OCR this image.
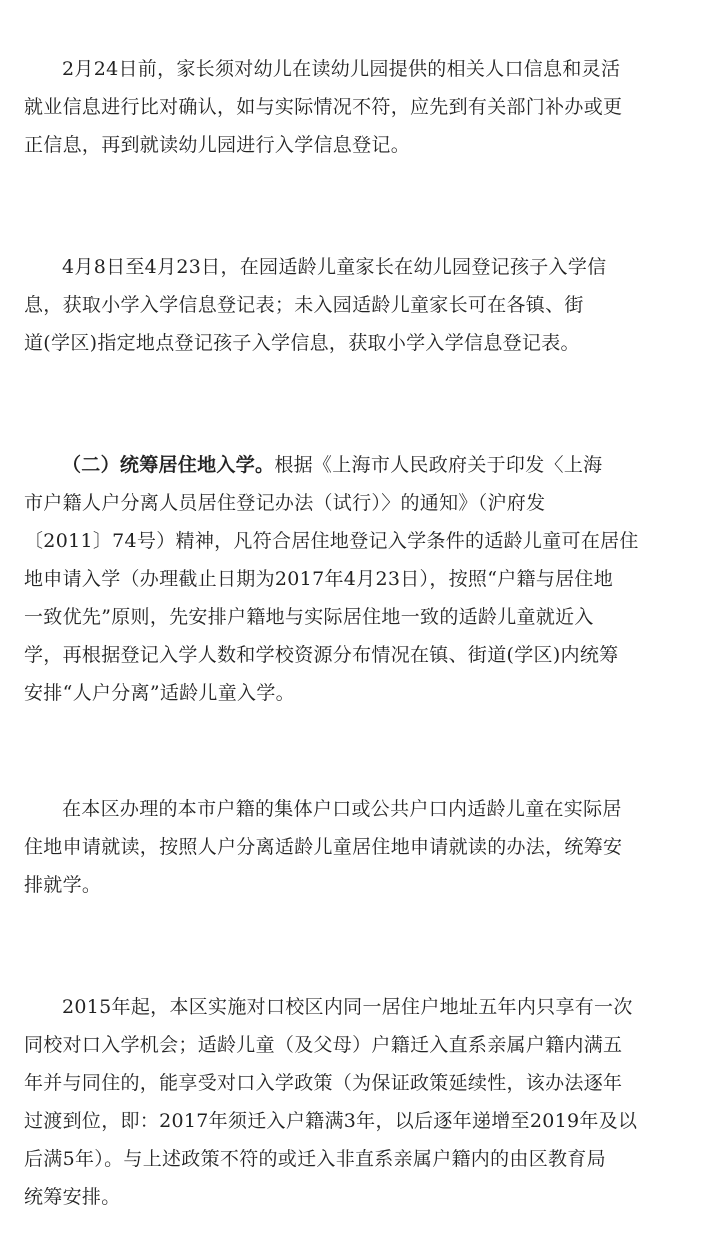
2月24日前，家长须对幼儿在读幼儿园提供的相关人口信息和灵活
就业信息进行比对确认，如与实际情况不符，应先到有关部门补办或更
正信息，再到就读幼儿园进行入学信息登记。

4月8日至4月23日，在园适龄儿童家长在幼儿园登记孩子入学信
息，获取小学入学信息登记表；未入园适龄儿童家长可在各镇、街
道(学区)指定地点登记孩子入学信息，获取小学入学信息登记表。

（二）统筹居住地入学。根据《上海市人民政府关于印发〈上海
市户籍人户分离人员居住登记办法（试行）〉的通知》（沪府发
〔2011〕74号）精神，凡符合居住地登记入学条件的适龄儿童可在居住
地申请入学（办理截止日期为2017年4月23日），按照“户籍与居住地
一致优先”原则，先安排户籍地与实际居住地一致的适龄儿童就近入
学，再根据登记入学人数和学校资源分布情况在镇、街道(学区)内统筹
安排“人户分离”适龄儿童入学。

在本区办理的本市户籍的集体户口或公共户口内适龄儿童在实际居
住地申请就读，按照人户分离适龄儿童居住地申请就读的办法，统筹安
排就学。

2015年起，本区实施对口校区内同一居住户地址五年内只享有一次
同校对口入学机会；适龄儿童（及父母）户籍迁入直系亲属户籍内满五
年并与同住的，能享受对口入学政策（为保证政策延续性，该办法逐年
过渡到位，即：2017年须迁入户籍满3年，以后逐年递增至2019年及以
后满5年）。与上述政策不符的或迁入非直系亲属户籍内的由区教育局
统筹安排。
